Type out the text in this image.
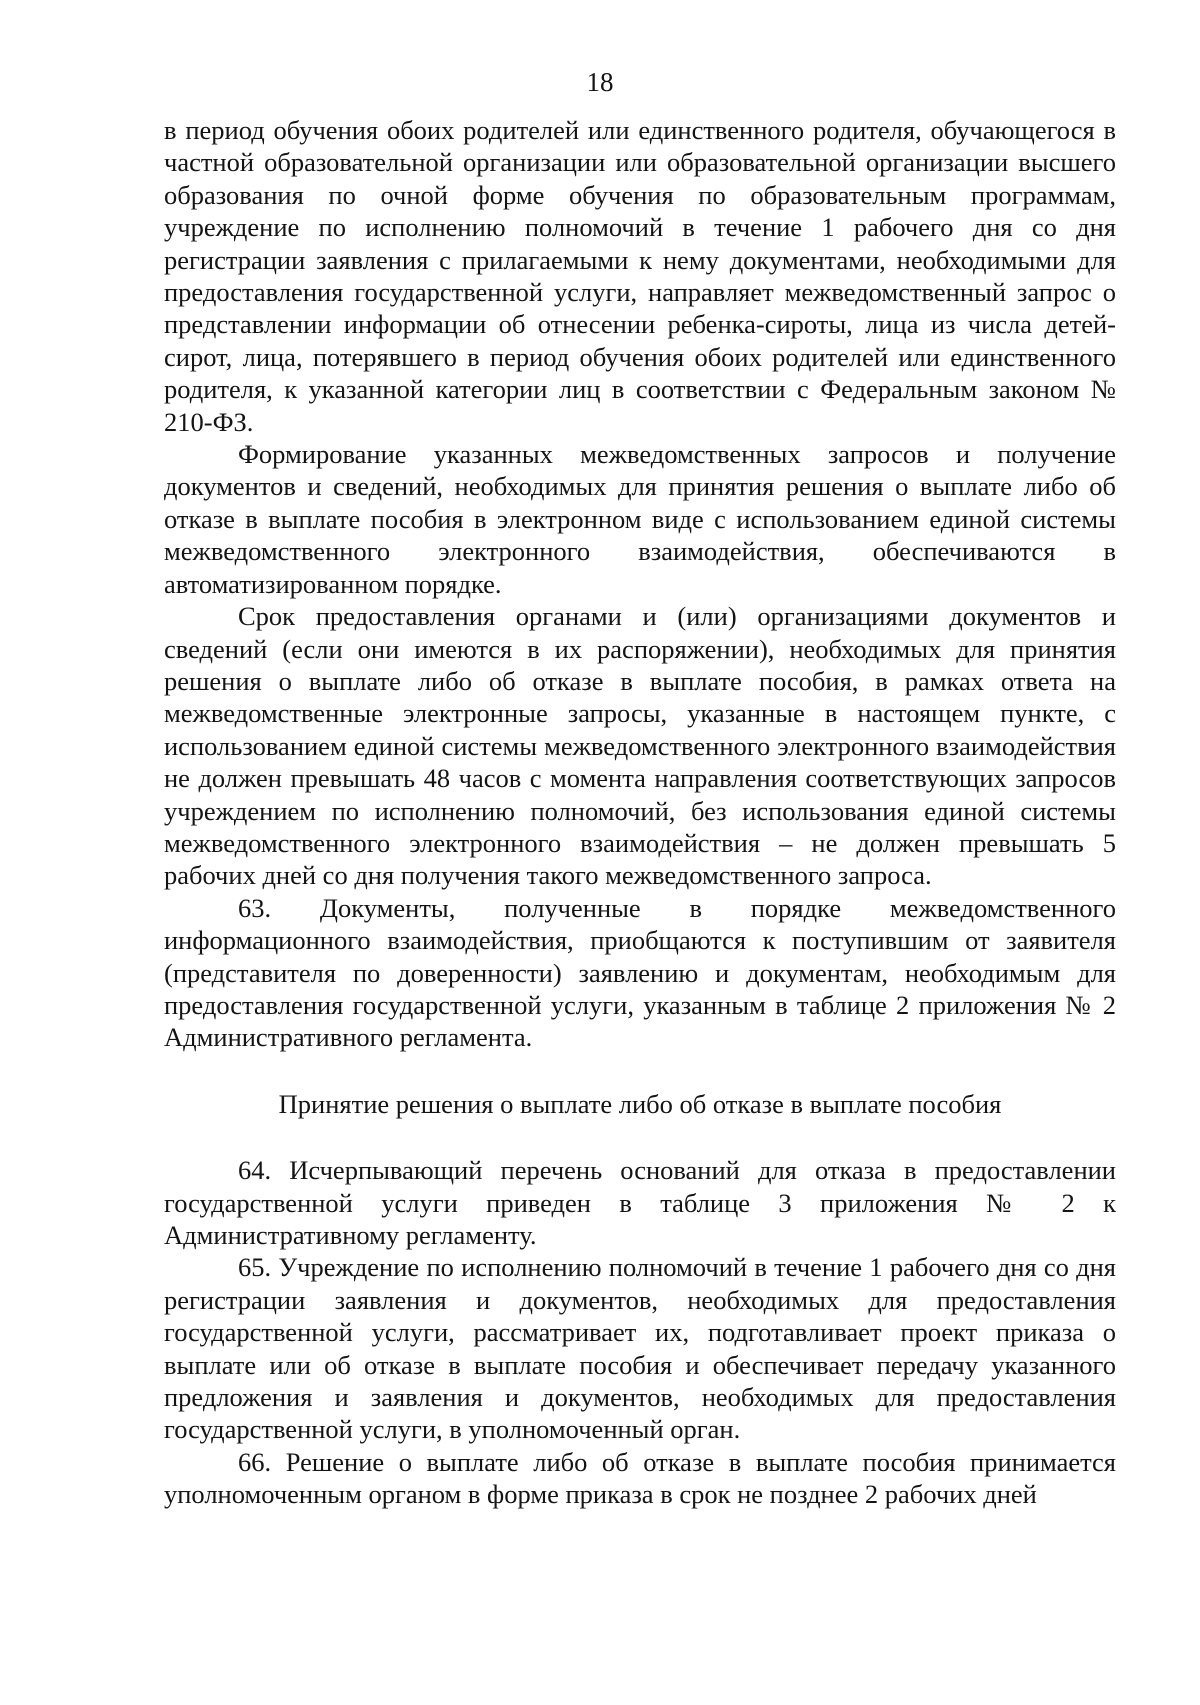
18

в период обучения обоих родителей или единственного родителя, обучающегося в частной образовательной организации или образовательной организации высшего образования по очной форме обучения по образовательным программам, учреждение по исполнению полномочий в течение 1 рабочего дня со дня регистрации заявления с прилагаемыми к нему документами, необходимыми для предоставления государственной услуги, направляет межведомственный запрос о представлении информации об отнесении ребенка-сироты, лица из числа детей-сирот, лица, потерявшего в период обучения обоих родителей или единственного родителя, к указанной категории лиц в соответствии с Федеральным законом № 210-ФЗ.

Формирование указанных межведомственных запросов и получение документов и сведений, необходимых для принятия решения о выплате либо об отказе в выплате пособия в электронном виде с использованием единой системы межведомственного электронного взаимодействия, обеспечиваются в автоматизированном порядке.

Срок предоставления органами и (или) организациями документов и сведений (если они имеются в их распоряжении), необходимых для принятия решения о выплате либо об отказе в выплате пособия, в рамках ответа на межведомственные электронные запросы, указанные в настоящем пункте, с использованием единой системы межведомственного электронного взаимодействия не должен превышать 48 часов с момента направления соответствующих запросов учреждением по исполнению полномочий, без использования единой системы межведомственного электронного взаимодействия – не должен превышать 5 рабочих дней со дня получения такого межведомственного запроса.

63. Документы, полученные в порядке межведомственного информационного взаимодействия, приобщаются к поступившим от заявителя (представителя по доверенности) заявлению и документам, необходимым для предоставления государственной услуги, указанным в таблице 2 приложения № 2 Административного регламента.

Принятие решения о выплате либо об отказе в выплате пособия

64. Исчерпывающий перечень оснований для отказа в предоставлении государственной услуги приведен в таблице 3 приложения № 2 к Административному регламенту.

65. Учреждение по исполнению полномочий в течение 1 рабочего дня со дня регистрации заявления и документов, необходимых для предоставления государственной услуги, рассматривает их, подготавливает проект приказа о выплате или об отказе в выплате пособия и обеспечивает передачу указанного предложения и заявления и документов, необходимых для предоставления государственной услуги, в уполномоченный орган.

66. Решение о выплате либо об отказе в выплате пособия принимается уполномоченным органом в форме приказа в срок не позднее 2 рабочих дней
